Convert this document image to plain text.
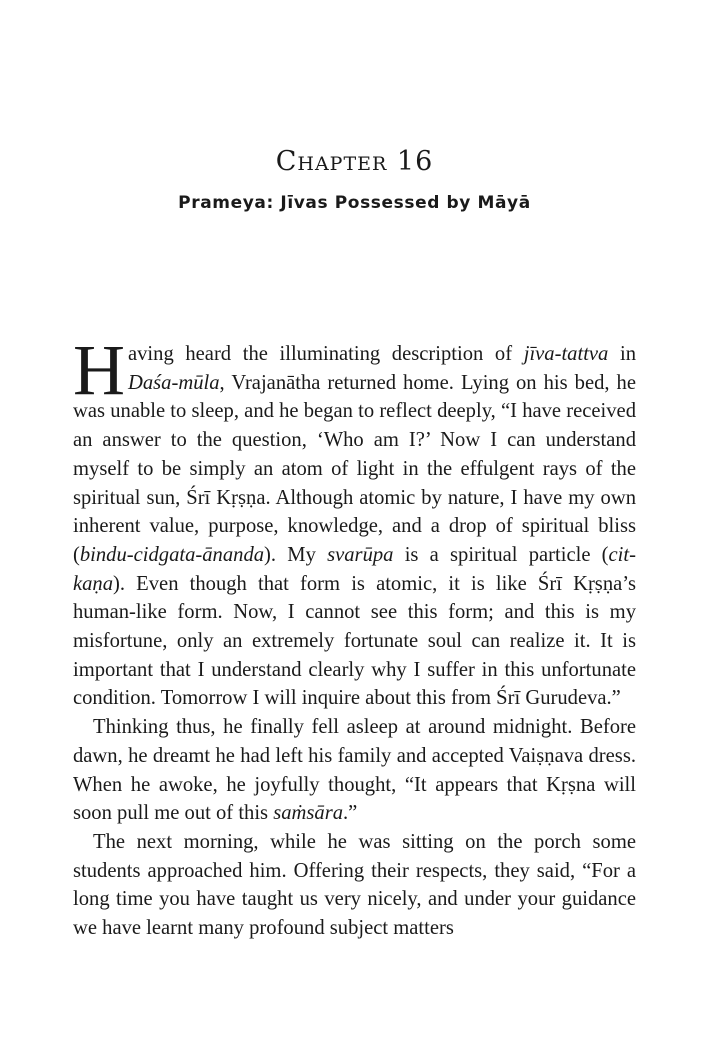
Chapter 16
Prameya: Jīvas Possessed by Māyā

Having heard the illuminating description of jīva-tattva in Daśa-mūla, Vrajanātha returned home. Lying on his bed, he was unable to sleep, and he began to reflect deeply, “I have received an answer to the question, ‘Who am I?’ Now I can understand myself to be simply an atom of light in the effulgent rays of the spiritual sun, Śrī Kṛṣṇa. Although atomic by nature, I have my own inherent value, purpose, knowledge, and a drop of spiritual bliss (bindu-cidgata-ānanda). My svarūpa is a spiritual particle (cit-kaṇa). Even though that form is atomic, it is like Śrī Kṛṣṇa’s human-like form. Now, I cannot see this form; and this is my misfortune, only an extremely fortunate soul can realize it. It is important that I understand clearly why I suffer in this unfortunate condition. Tomorrow I will inquire about this from Śrī Gurudeva.”

Thinking thus, he finally fell asleep at around midnight. Before dawn, he dreamt he had left his family and accepted Vaiṣṇava dress. When he awoke, he joyfully thought, “It appears that Kṛṣna will soon pull me out of this saṁsāra.”

The next morning, while he was sitting on the porch some students approached him. Offering their respects, they said, “For a long time you have taught us very nicely, and under your guidance we have learnt many profound subject matters
